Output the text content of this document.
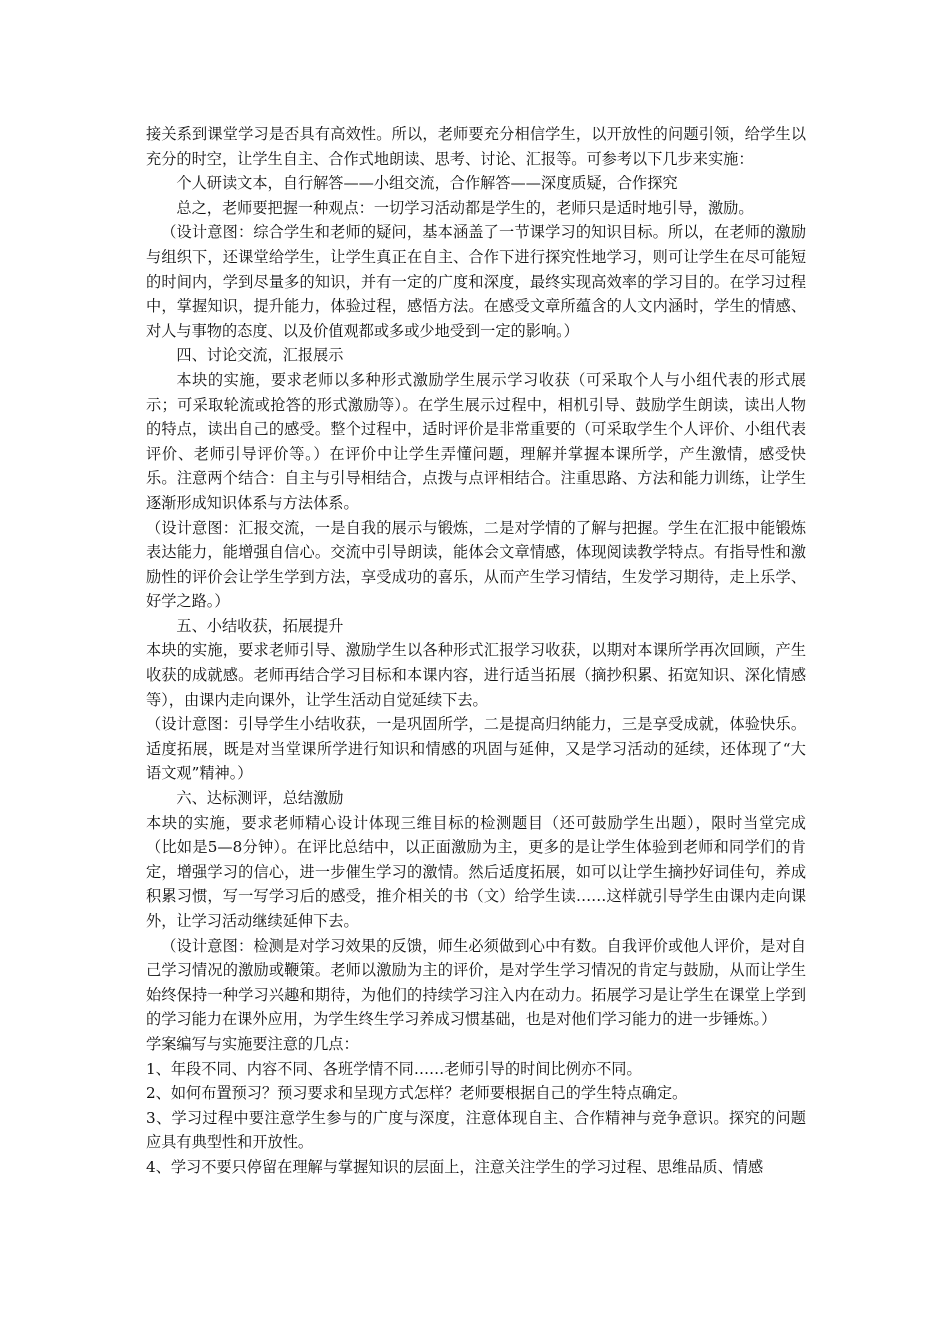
接关系到课堂学习是否具有高效性。所以，老师要充分相信学生，以开放性的问题引领，给学生以充分的时空，让学生自主、合作式地朗读、思考、讨论、汇报等。可参考以下几步来实施：

个人研读文本，自行解答——小组交流，合作解答——深度质疑，合作探究

总之，老师要把握一种观点：一切学习活动都是学生的，老师只是适时地引导，激励。

（设计意图：综合学生和老师的疑问，基本涵盖了一节课学习的知识目标。所以，在老师的激励与组织下，还课堂给学生，让学生真正在自主、合作下进行探究性地学习，则可让学生在尽可能短的时间内，学到尽量多的知识，并有一定的广度和深度，最终实现高效率的学习目的。在学习过程中，掌握知识，提升能力，体验过程，感悟方法。在感受文章所蕴含的人文内涵时，学生的情感、对人与事物的态度、以及价值观都或多或少地受到一定的影响。）

四、讨论交流，汇报展示

本块的实施，要求老师以多种形式激励学生展示学习收获（可采取个人与小组代表的形式展示；可采取轮流或抢答的形式激励等）。在学生展示过程中，相机引导、鼓励学生朗读，读出人物的特点，读出自己的感受。整个过程中，适时评价是非常重要的（可采取学生个人评价、小组代表评价、老师引导评价等。）在评价中让学生弄懂问题，理解并掌握本课所学，产生激情，感受快乐。注意两个结合：自主与引导相结合，点拨与点评相结合。注重思路、方法和能力训练，让学生逐渐形成知识体系与方法体系。

（设计意图：汇报交流，一是自我的展示与锻炼，二是对学情的了解与把握。学生在汇报中能锻炼表达能力，能增强自信心。交流中引导朗读，能体会文章情感，体现阅读教学特点。有指导性和激励性的评价会让学生学到方法，享受成功的喜乐，从而产生学习情结，生发学习期待，走上乐学、好学之路。）

五、小结收获，拓展提升

本块的实施，要求老师引导、激励学生以各种形式汇报学习收获，以期对本课所学再次回顾，产生收获的成就感。老师再结合学习目标和本课内容，进行适当拓展（摘抄积累、拓宽知识、深化情感等），由课内走向课外，让学生活动自觉延续下去。

（设计意图：引导学生小结收获，一是巩固所学，二是提高归纳能力，三是享受成就，体验快乐。适度拓展，既是对当堂课所学进行知识和情感的巩固与延伸，又是学习活动的延续，还体现了“大语文观”精神。）

六、达标测评，总结激励

本块的实施，要求老师精心设计体现三维目标的检测题目（还可鼓励学生出题），限时当堂完成（比如是5—8分钟）。在评比总结中，以正面激励为主，更多的是让学生体验到老师和同学们的肯定，增强学习的信心，进一步催生学习的激情。然后适度拓展，如可以让学生摘抄好词佳句，养成积累习惯，写一写学习后的感受，推介相关的书（文）给学生读……这样就引导学生由课内走向课外，让学习活动继续延伸下去。

（设计意图：检测是对学习效果的反馈，师生必须做到心中有数。自我评价或他人评价，是对自己学习情况的激励或鞭策。老师以激励为主的评价，是对学生学习情况的肯定与鼓励，从而让学生始终保持一种学习兴趣和期待，为他们的持续学习注入内在动力。拓展学习是让学生在课堂上学到的学习能力在课外应用，为学生终生学习养成习惯基础，也是对他们学习能力的进一步锤炼。）

学案编写与实施要注意的几点：

1、年段不同、内容不同、各班学情不同……老师引导的时间比例亦不同。

2、如何布置预习？预习要求和呈现方式怎样？老师要根据自己的学生特点确定。

3、学习过程中要注意学生参与的广度与深度，注意体现自主、合作精神与竞争意识。探究的问题应具有典型性和开放性。

4、学习不要只停留在理解与掌握知识的层面上，注意关注学生的学习过程、思维品质、情感
